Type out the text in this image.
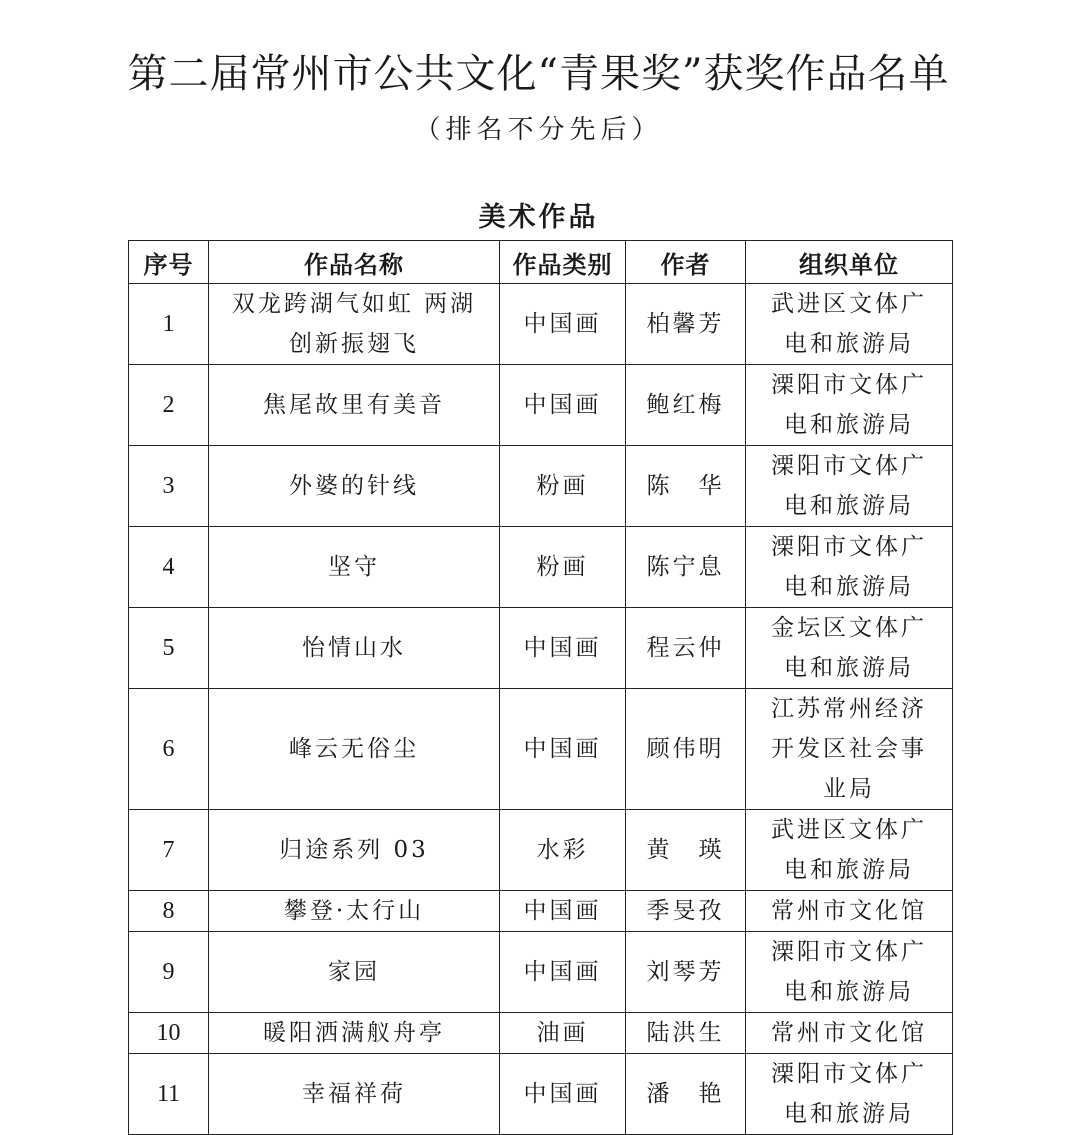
第二届常州市公共文化“青果奖”获奖作品名单
（排名不分先后）
美术作品
序号	作品名称	作品类别	作者	组织单位
1	双龙跨湖气如虹 两湖创新振翅飞	中国画	柏馨芳	武进区文体广电和旅游局
2	焦尾故里有美音	中国画	鲍红梅	溧阳市文体广电和旅游局
3	外婆的针线	粉画	陈　华	溧阳市文体广电和旅游局
4	坚守	粉画	陈宁息	溧阳市文体广电和旅游局
5	怡情山水	中国画	程云仲	金坛区文体广电和旅游局
6	峰云无俗尘	中国画	顾伟明	江苏常州经济开发区社会事业局
7	归途系列 03	水彩	黄　瑛	武进区文体广电和旅游局
8	攀登·太行山	中国画	季旻孜	常州市文化馆
9	家园	中国画	刘琴芳	溧阳市文体广电和旅游局
10	暖阳洒满舣舟亭	油画	陆洪生	常州市文化馆
11	幸福祥荷	中国画	潘　艳	溧阳市文体广电和旅游局
